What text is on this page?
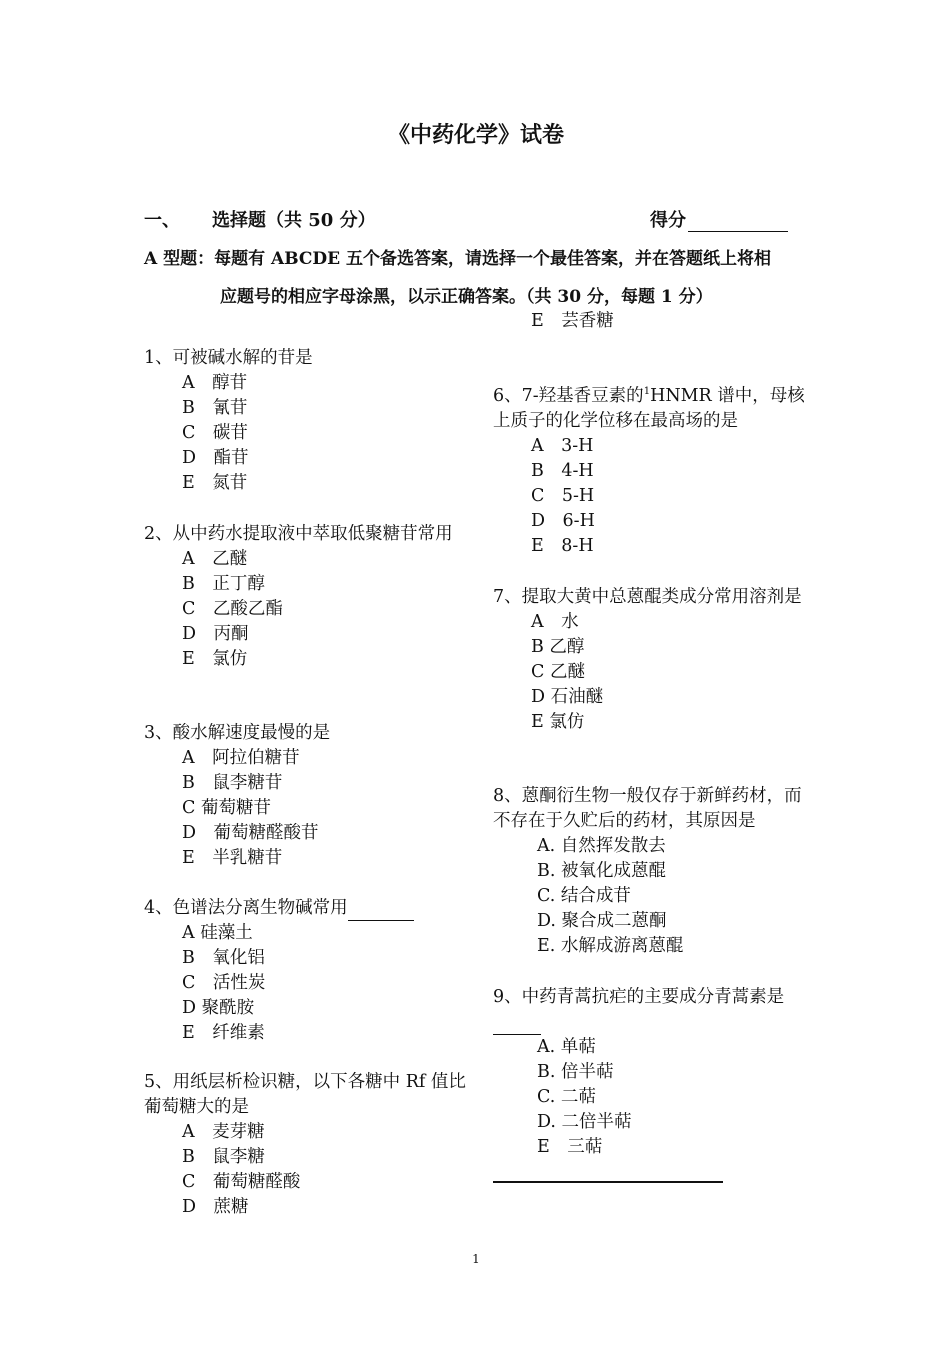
《中药化学》试卷
一、 选择题（共 50 分）	得分
A 型题：每题有 ABCDE 五个备选答案，请选择一个最佳答案，并在答题纸上将相
应题号的相应字母涂黑，以示正确答案。（共 30 分，每题 1 分）
1、可被碱水解的苷是
A　醇苷
B　氰苷
C　碳苷
D　酯苷
E　氮苷
2、从中药水提取液中萃取低聚糖苷常用
A　乙醚
B　正丁醇
C　乙酸乙酯
D　丙酮
E　氯仿
3、酸水解速度最慢的是
A　阿拉伯糖苷
B　鼠李糖苷
C 葡萄糖苷
D　葡萄糖醛酸苷
E　半乳糖苷
4、色谱法分离生物碱常用
A 硅藻土
B　氧化铝
C　活性炭
D 聚酰胺
E　纤维素
5、用纸层析检识糖，以下各糖中 Rf 值比葡萄糖大的是
A　麦芽糖
B　鼠李糖
C　葡萄糖醛酸
D　蔗糖
E　芸香糖
6、7-羟基香豆素的$^1$HNMR 谱中，母核上质子的化学位移在最高场的是
A　3-H
B　4-H
C　5-H
D　6-H
E　8-H
7、提取大黄中总蒽醌类成分常用溶剂是
A　水
B 乙醇
C 乙醚
D 石油醚
E 氯仿
8、蒽酮衍生物一般仅存于新鲜药材，而不存在于久贮后的药材，其原因是
A. 自然挥发散去
B. 被氧化成蒽醌
C. 结合成苷
D. 聚合成二蒽酮
E. 水解成游离蒽醌
9、中药青蒿抗疟的主要成分青蒿素是
A. 单萜
B. 倍半萜
C. 二萜
D. 二倍半萜
E　三萜
1
